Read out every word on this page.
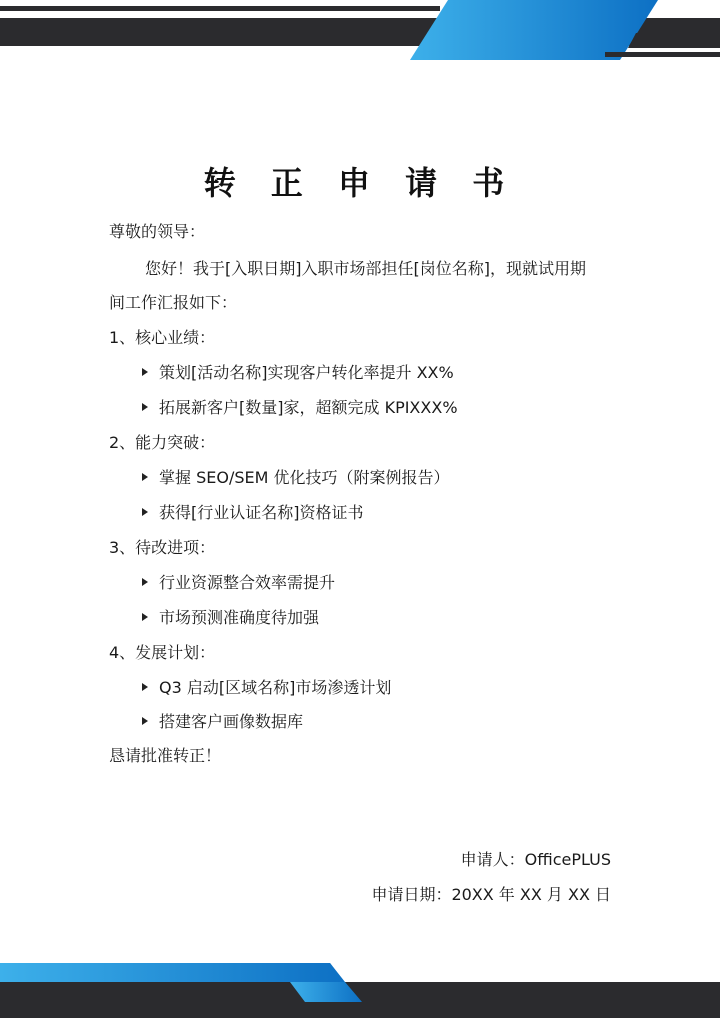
转 正 申 请 书
尊敬的领导：
您好！我于[入职日期]入职市场部担任[岗位名称]，现就试用期
间工作汇报如下：
1、核心业绩：
策划[活动名称]实现客户转化率提升 XX%
拓展新客户[数量]家，超额完成 KPIXXX%
2、能力突破：
掌握 SEO/SEM 优化技巧（附案例报告）
获得[行业认证名称]资格证书
3、待改进项：
行业资源整合效率需提升
市场预测准确度待加强
4、发展计划：
Q3 启动[区域名称]市场渗透计划
搭建客户画像数据库
恳请批准转正！
申请人：OfficePLUS
申请日期：20XX 年 XX 月 XX 日
